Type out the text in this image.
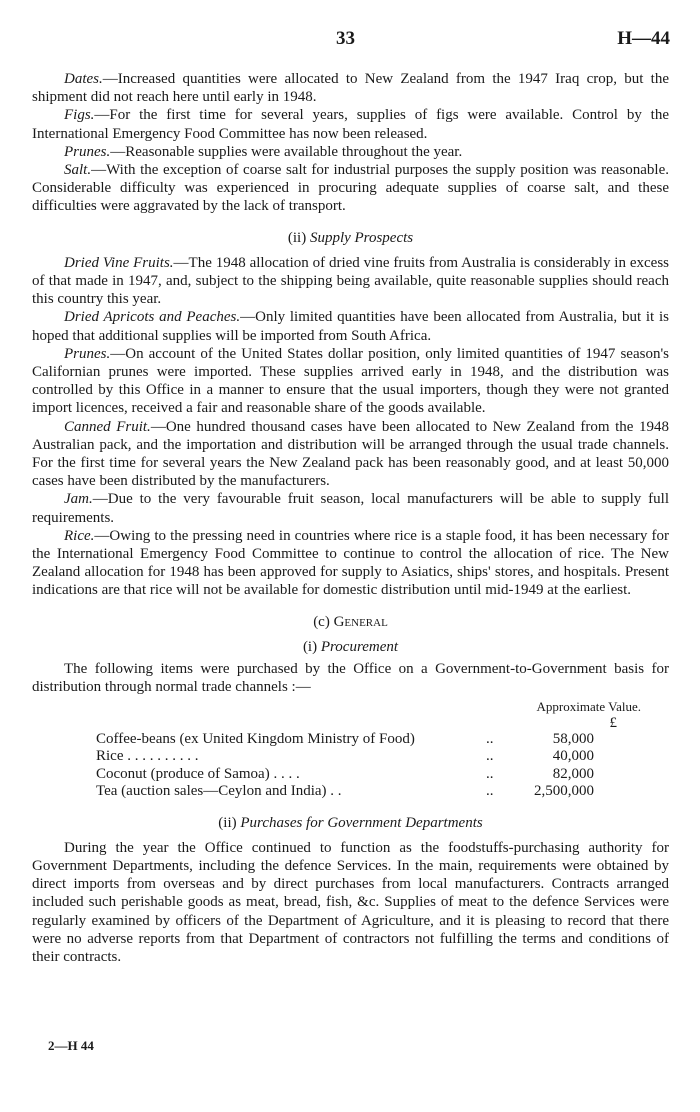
33	H—44

Dates.—Increased quantities were allocated to New Zealand from the 1947 Iraq crop, but the shipment did not reach here until early in 1948.

Figs.—For the first time for several years, supplies of figs were available. Control by the International Emergency Food Committee has now been released.

Prunes.—Reasonable supplies were available throughout the year.

Salt.—With the exception of coarse salt for industrial purposes the supply position was reasonable. Considerable difficulty was experienced in procuring adequate supplies of coarse salt, and these difficulties were aggravated by the lack of transport.

(ii) Supply Prospects

Dried Vine Fruits.—The 1948 allocation of dried vine fruits from Australia is considerably in excess of that made in 1947, and, subject to the shipping being available, quite reasonable supplies should reach this country this year.

Dried Apricots and Peaches.—Only limited quantities have been allocated from Australia, but it is hoped that additional supplies will be imported from South Africa.

Prunes.—On account of the United States dollar position, only limited quantities of 1947 season's Californian prunes were imported. These supplies arrived early in 1948, and the distribution was controlled by this Office in a manner to ensure that the usual importers, though they were not granted import licences, received a fair and reasonable share of the goods available.

Canned Fruit.—One hundred thousand cases have been allocated to New Zealand from the 1948 Australian pack, and the importation and distribution will be arranged through the usual trade channels. For the first time for several years the New Zealand pack has been reasonably good, and at least 50,000 cases have been distributed by the manufacturers.

Jam.—Due to the very favourable fruit season, local manufacturers will be able to supply full requirements.

Rice.—Owing to the pressing need in countries where rice is a staple food, it has been necessary for the International Emergency Food Committee to continue to control the allocation of rice. The New Zealand allocation for 1948 has been approved for supply to Asiatics, ships' stores, and hospitals. Present indications are that rice will not be available for domestic distribution until mid-1949 at the earliest.

(c) General
(i) Procurement

The following items were purchased by the Office on a Government-to-Government basis for distribution through normal trade channels :—

Approximate Value.
£
Coffee-beans (ex United Kingdom Ministry of Food)	..	58,000
Rice . . . . . . . . . .	..	40,000
Coconut (produce of Samoa) . . . .	..	82,000
Tea (auction sales—Ceylon and India) . .	..	2,500,000
(ii) Purchases for Government Departments

During the year the Office continued to function as the foodstuffs-purchasing authority for Government Departments, including the defence Services. In the main, requirements were obtained by direct imports from overseas and by direct purchases from local manufacturers. Contracts arranged included such perishable goods as meat, bread, fish, &c. Supplies of meat to the defence Services were regularly examined by officers of the Department of Agriculture, and it is pleasing to record that there were no adverse reports from that Department of contractors not fulfilling the terms and conditions of their contracts.

2—H 44
